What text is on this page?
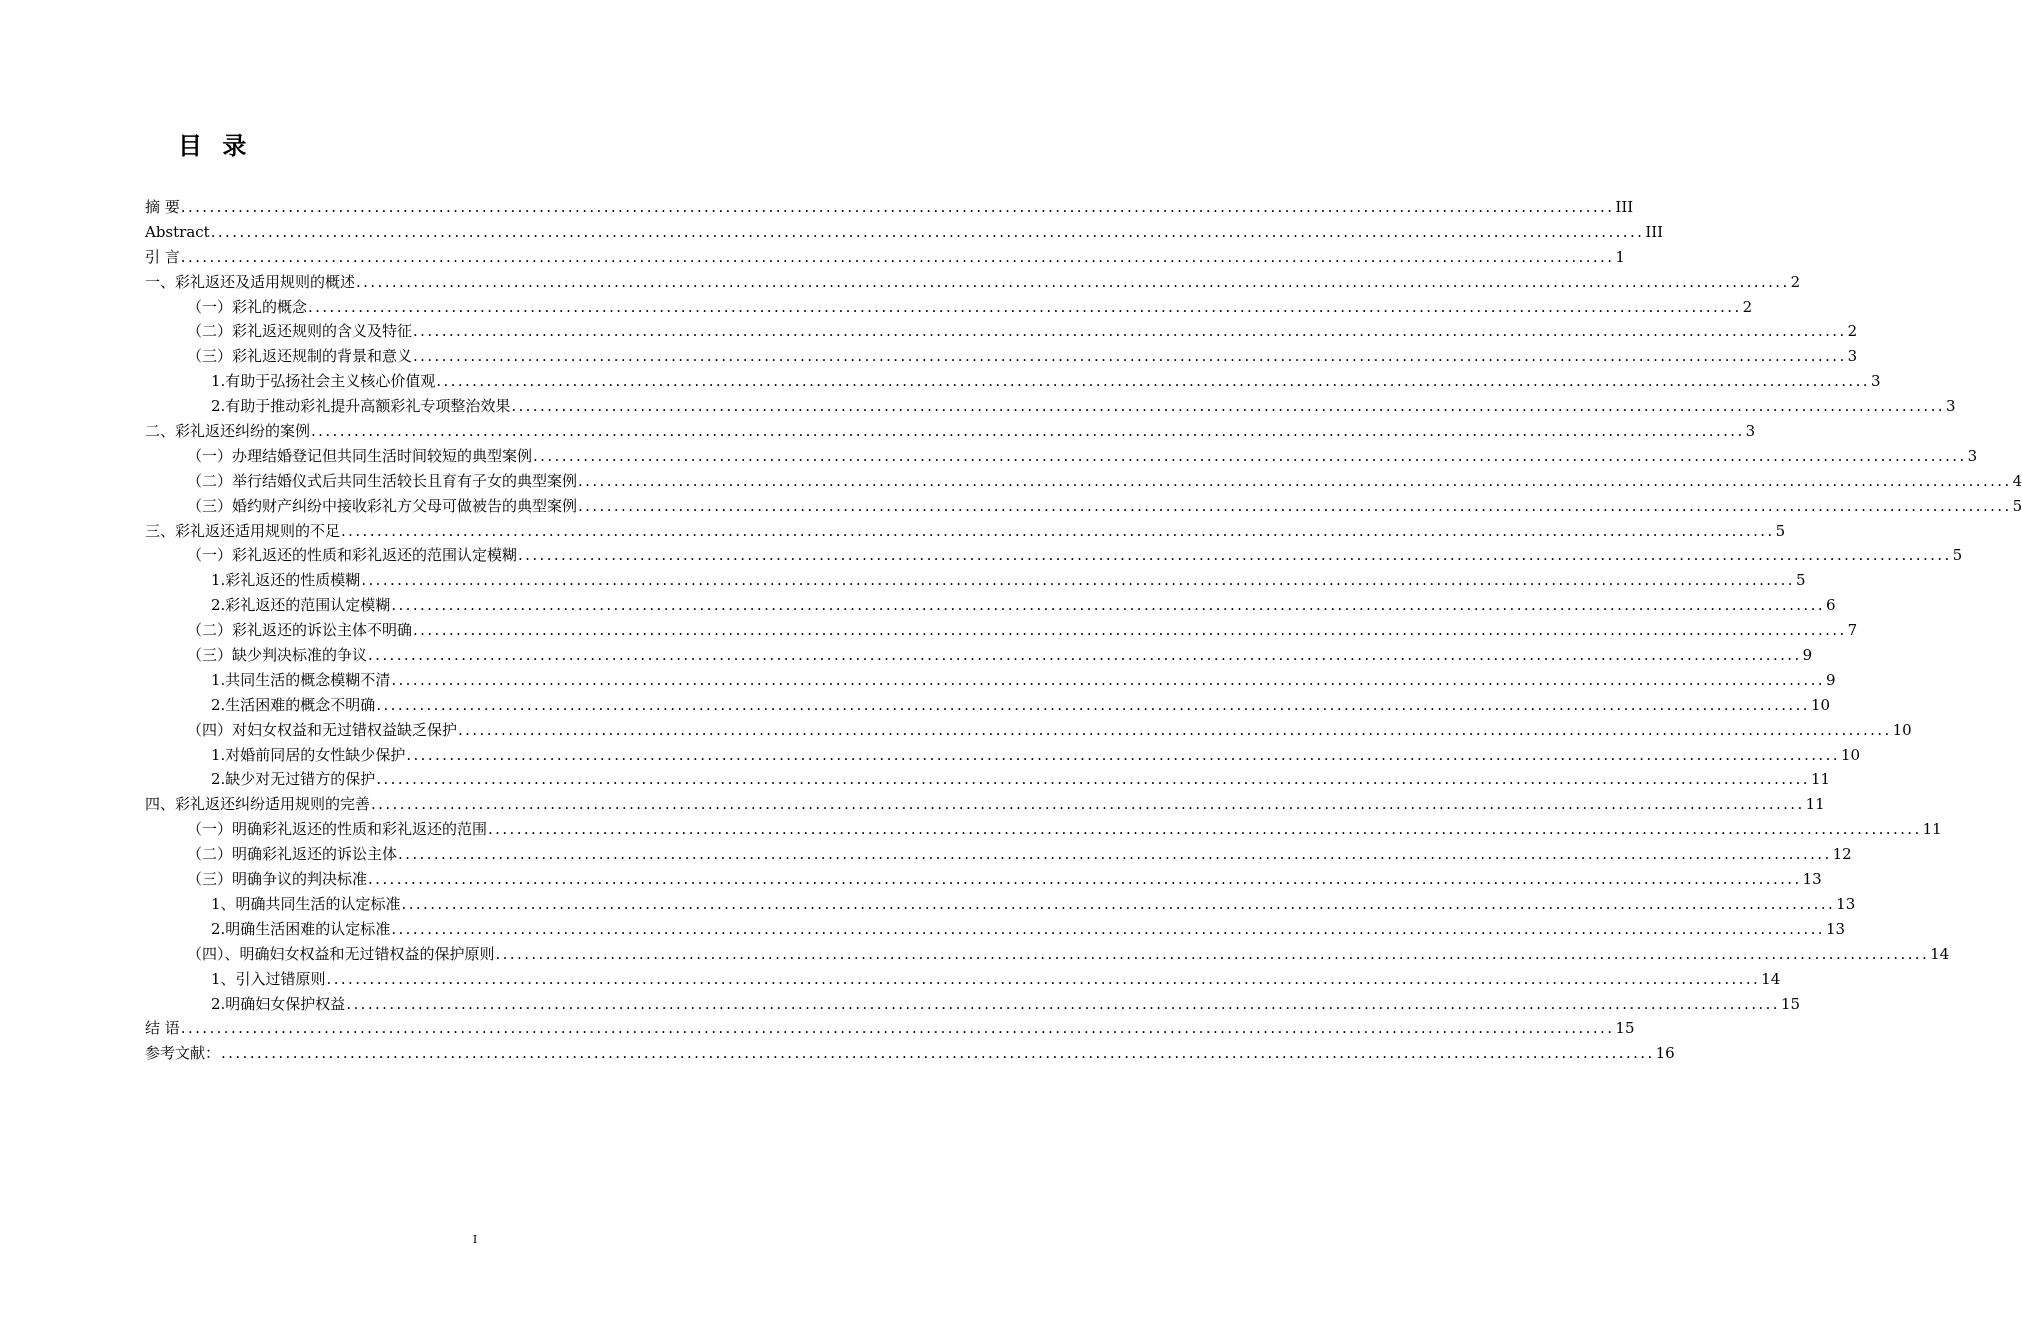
目 录
摘 要 ........................................................................................................................................................................................................ III
Abstract ........................................................................................................................................................................................................ III
引 言 ........................................................................................................................................................................................................ 1
一、彩礼返还及适用规则的概述 ........................................................................................................................................................................................................ 2
（一）彩礼的概念 ........................................................................................................................................................................................................ 2
（二）彩礼返还规则的含义及特征 ........................................................................................................................................................................................................ 2
（三）彩礼返还规制的背景和意义 ........................................................................................................................................................................................................ 3
1.有助于弘扬社会主义核心价值观 ........................................................................................................................................................................................................ 3
2.有助于推动彩礼提升高额彩礼专项整治效果 ........................................................................................................................................................................................................ 3
二、彩礼返还纠纷的案例 ........................................................................................................................................................................................................ 3
（一）办理结婚登记但共同生活时间较短的典型案例 ........................................................................................................................................................................................................ 3
（二）举行结婚仪式后共同生活较长且育有子女的典型案例 ........................................................................................................................................................................................................ 4
（三）婚约财产纠纷中接收彩礼方父母可做被告的典型案例 ........................................................................................................................................................................................................ 5
三、彩礼返还适用规则的不足 ........................................................................................................................................................................................................ 5
（一）彩礼返还的性质和彩礼返还的范围认定模糊 ........................................................................................................................................................................................................ 5
1.彩礼返还的性质模糊 ........................................................................................................................................................................................................ 5
2.彩礼返还的范围认定模糊 ........................................................................................................................................................................................................ 6
（二）彩礼返还的诉讼主体不明确 ........................................................................................................................................................................................................ 7
（三）缺少判决标准的争议 ........................................................................................................................................................................................................ 9
1.共同生活的概念模糊不清 ........................................................................................................................................................................................................ 9
2.生活困难的概念不明确 ........................................................................................................................................................................................................ 10
（四）对妇女权益和无过错权益缺乏保护 ........................................................................................................................................................................................................ 10
1.对婚前同居的女性缺少保护 ........................................................................................................................................................................................................ 10
2.缺少对无过错方的保护 ........................................................................................................................................................................................................ 11
四、彩礼返还纠纷适用规则的完善 ........................................................................................................................................................................................................ 11
（一）明确彩礼返还的性质和彩礼返还的范围 ........................................................................................................................................................................................................ 11
（二）明确彩礼返还的诉讼主体 ........................................................................................................................................................................................................ 12
（三）明确争议的判决标准 ........................................................................................................................................................................................................ 13
1、明确共同生活的认定标准 ........................................................................................................................................................................................................ 13
2.明确生活困难的认定标准 ........................................................................................................................................................................................................ 13
（四）、明确妇女权益和无过错权益的保护原则 ........................................................................................................................................................................................................ 14
1、引入过错原则 ........................................................................................................................................................................................................ 14
2.明确妇女保护权益 ........................................................................................................................................................................................................ 15
结 语 ........................................................................................................................................................................................................ 15
参考文献： ........................................................................................................................................................................................................ 16
I
